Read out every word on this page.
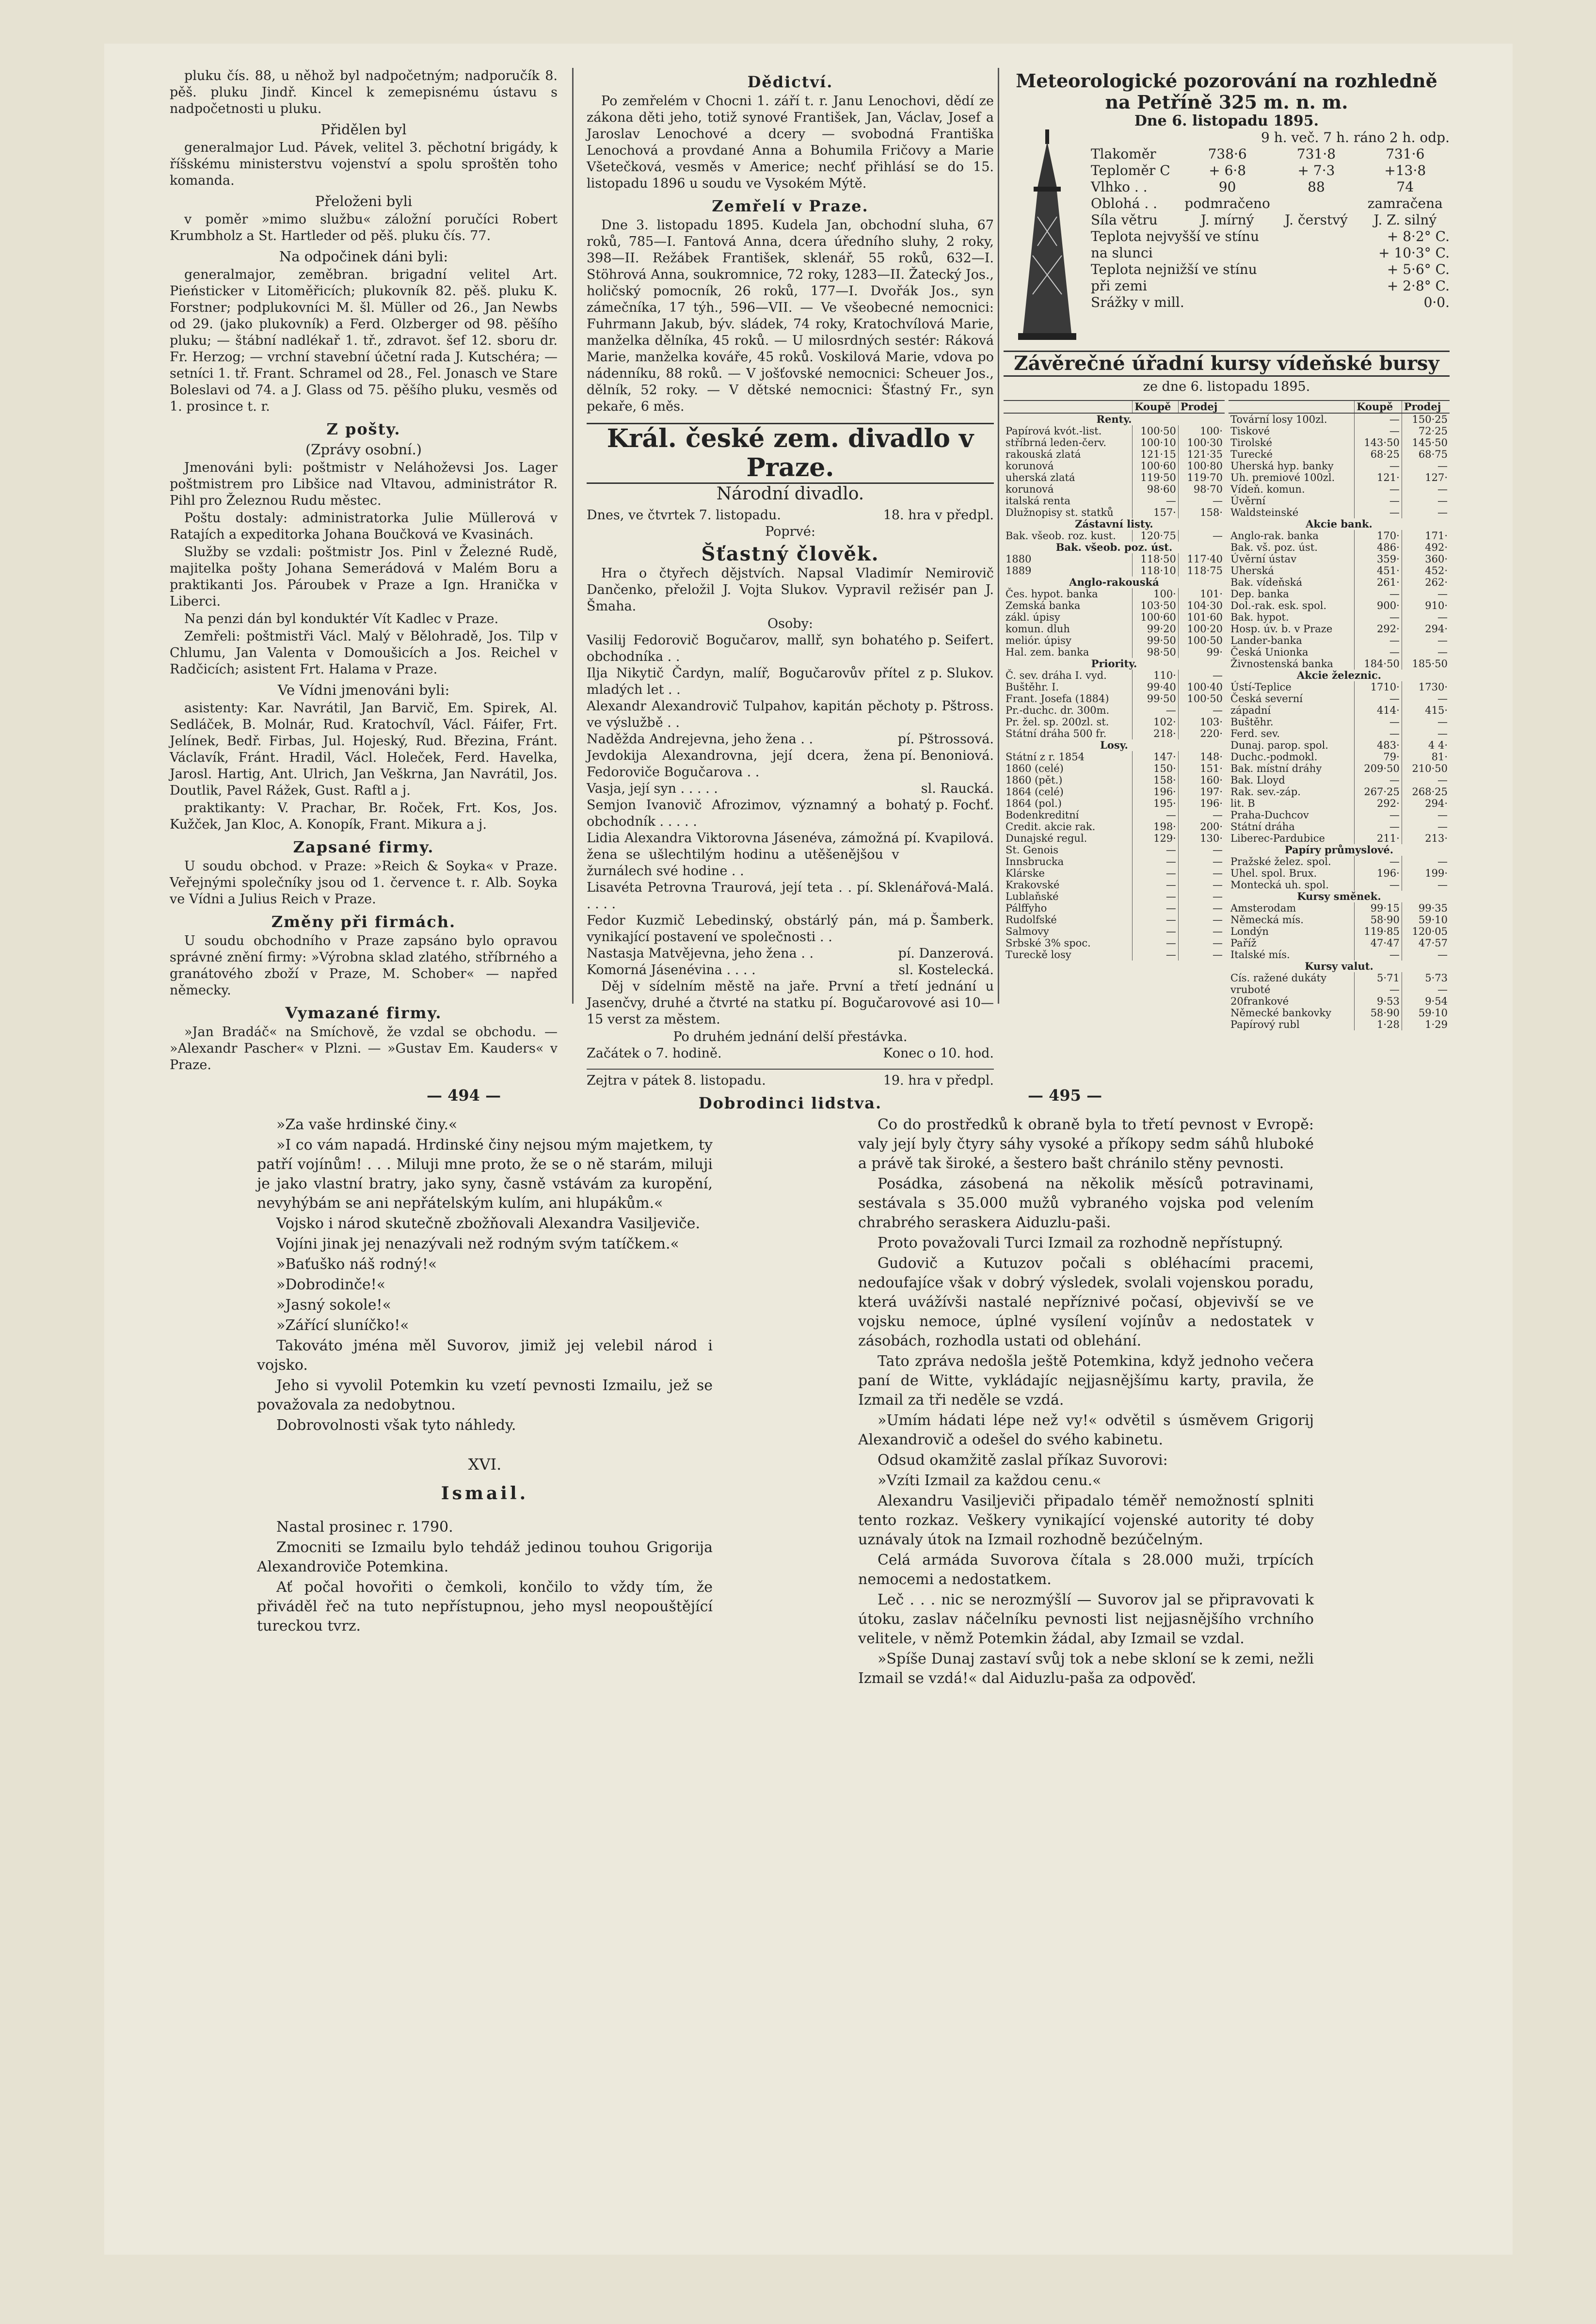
pluku čís. 88, u něhož byl nadpočetným; nadporučík 8. pěš. pluku Jindř. Kincel k zemepisnému ústavu s nadpočetnosti u pluku.

Přidělen byl

generalmajor Lud. Pávek, velitel 3. pěchotní brigády, k říšskému ministerstvu vojenství a spolu sproštěn toho komanda.

Přeloženi byli

v poměr »mimo službu« záložní poručíci Robert Krumbholz a St. Hartleder od pěš. pluku čís. 77.

Na odpočinek dáni byli:

generalmajor, zeměbran. brigadní velitel Art. Pieństicker v Litoměřicích; plukovník 82. pěš. pluku K. Forstner; podplukovníci M. šl. Müller od 26., Jan Newbs od 29. (jako plukovník) a Ferd. Olzberger od 98. pěšího pluku; — štábní nadlékař 1. tř., zdravot. šef 12. sboru dr. Fr. Herzog; — vrchní stavební účetní rada J. Kutschéra; — setníci 1. tř. Frant. Schramel od 28., Fel. Jonasch ve Stare Boleslavi od 74. a J. Glass od 75. pěšího pluku, vesměs od 1. prosince t. r.

Z pošty.
(Zprávy osobní.)

Jmenováni byli: poštmistr v Neláhoževsi Jos. Lager poštmistrem pro Libšice nad Vltavou, administrátor R. Pihl pro Železnou Rudu městec.

Poštu dostaly: administratorka Julie Müllerová v Ratajích a expeditorka Johana Boučková ve Kvasinách.

Služby se vzdali: poštmistr Jos. Pinl v Železné Rudě, majitelka pošty Johana Semerádová v Malém Boru a praktikanti Jos. Pároubek v Praze a Ign. Hranička v Liberci.

Na penzi dán byl konduktér Vít Kadlec v Praze.

Zemřeli: poštmistři Václ. Malý v Bělohradě, Jos. Tilp v Chlumu, Jan Valenta v Domoušicích a Jos. Reichel v Radčicích; asistent Frt. Halama v Praze.

Ve Vídni jmenováni byli:

asistenty: Kar. Navrátil, Jan Barvič, Em. Spirek, Al. Sedláček, B. Molnár, Rud. Kratochvíl, Václ. Fáifer, Frt. Jelínek, Bedř. Firbas, Jul. Hojeský, Rud. Březina, Fránt. Václavík, Fránt. Hradil, Václ. Holeček, Ferd. Havelka, Jarosl. Hartig, Ant. Ulrich, Jan Veškrna, Jan Navrátil, Jos. Doutlik, Pavel Rážek, Gust. Raftl a j.

praktikanty: V. Prachar, Br. Roček, Frt. Kos, Jos. Kužček, Jan Kloc, A. Konopík, Frant. Mikura a j.

Zapsané firmy.

U soudu obchod. v Praze: »Reich & Soyka« v Praze. Veřejnými společníky jsou od 1. července t. r. Alb. Soyka ve Vídni a Julius Reich v Praze.

Změny při firmách.

U soudu obchodního v Praze zapsáno bylo opravou správné znění firmy: »Výrobna sklad zlatého, stříbrného a granátového zboží v Praze, M. Schober« — napřed německy.

Vymazané firmy.

»Jan Bradáč« na Smíchově, že vzdal se obchodu. — »Alexandr Pascher« v Plzni. — »Gustav Em. Kauders« v Praze.

Dědictví.

Po zemřelém v Chocni 1. září t. r. Janu Lenochovi, dědí ze zákona děti jeho, totiž synové František, Jan, Václav, Josef a Jaroslav Lenochové a dcery — svobodná Františka Lenochová a provdané Anna a Bohumila Fričovy a Marie Všetečková, vesměs v Americe; nechť přihlásí se do 15. listopadu 1896 u soudu ve Vysokém Mýtě.

Zemřelí v Praze.

Dne 3. listopadu 1895. Kudela Jan, obchodní sluha, 67 roků, 785—I. Fantová Anna, dcera úředního sluhy, 2 roky, 398—II. Režábek František, sklenář, 55 roků, 632—I. Stöhrová Anna, soukromnice, 72 roky, 1283—II. Žatecký Jos., holičský pomocník, 26 roků, 177—I. Dvořák Jos., syn zámečníka, 17 týh., 596—VII. — Ve všeobecné nemocnici: Fuhrmann Jakub, býv. sládek, 74 roky, Kratochvílová Marie, manželka dělníka, 45 roků. — U milosrdných sestér: Ráková Marie, manželka kováře, 45 roků. Voskilová Marie, vdova po nádenníku, 88 roků. — V jošťovské nemocnici: Scheuer Jos., dělník, 52 roky. — V dětské nemocnici: Šťastný Fr., syn pekaře, 6 měs.

Král. české zem. divadlo v Praze.
Národní divadlo.
Dnes, ve čtvrtek 7. listopadu.	18. hra v předpl.
Poprvé:
Šťastný člověk.

Hra o čtyřech dějstvích. Napsal Vladimír Nemirovič Dančenko, přeložil J. Vojta Slukov. Vypravil režisér pan J. Šmaha.

Osoby:
Vasilij Fedorovič Bogučarov, mallř, syn bohatého obchodníka . .
p. Seifert.
Ilja Nikytič Čardyn, malíř, Bogučarovův přítel z mladých let . .
p. Slukov.
Alexandr Alexandrovič Tulpahov, kapitán pěchoty ve výslužbě . .
p. Pštross.
Naděžda Andrejevna, jeho žena . .	pí. Pštrossová.
Jevdokija Alexandrovna, její dcera, žena Fedoroviče Bogučarova . .
pí. Benoniová.
Vasja, její syn . . . . .	sl. Raucká.
Semjon Ivanovič Afrozimov, významný a bohatý obchodník . . . . .
p. Fochť.
Lidia Alexandra Viktorovna Jásenéva, zámožná žena se ušlechtilým hodinu a utěšenějšou v žurnálech své hodine . .
pí. Kvapilová.
Lisavéta Petrovna Traurová, její teta . . . . . .
pí. Sklenářová-Malá.
Fedor Kuzmič Lebedinský, obstárlý pán, má vynikající postavení ve společnosti . .
p. Šamberk.
Nastasja Matvějevna, jeho žena . .	pí. Danzerová.
Komorná Jásenévina . . . .	sl. Kostelecká.

Děj v sídelním městě na jaře. První a třetí jednání u Jasenčvy, druhé a čtvrté na statku pí. Bogučarovové asi 10—15 verst za městem.

Po druhém jednání delší přestávka.
Začátek o 7. hodině.	Konec o 10. hod.
Zejtra v pátek 8. listopadu.	19. hra v předpl.
Dobrodinci lidstva.
Meteorologické pozorování na rozhledně na Petříně 325 m. n. m.
Dne 6. listopadu 1895.
9 h. več. 7 h. ráno 2 h. odp.
Tlakoměr	738·6	731·8	731·6
Teploměr C	+ 6·8	+ 7·3	+13·8
Vlhko . .	90	88	74
Oblohá . .	podmračeno	zamračena
Síla větru	J. mírný	J. čerstvý	J. Z. silný
Teplota nejvyšší ve stínu	+ 8·2° C.
na slunci	+ 10·3° C.
Teplota nejnižší ve stínu	+ 5·6° C.
při zemi	+ 2·8° C.
Srážky v mill.	0·0.
Závěrečné úřadní kursy vídeňské bursy
ze dne 6. listopadu 1895.
	Koupě	Prodej
Renty.		
Papírová kvót.-list.	100·50	100·
stříbrná leden-červ.	100·10	100·30
rakouská zlatá	121·15	121·35
korunová	100·60	100·80
uherská zlatá	119·50	119·70
korunová	98·60	98·70
italská renta	—	—
Dlužnopisy st. statků	157·	158·
Zástavní listy.		
Bak. všeob. roz. kust.	120·75	—
Bak. všeob. poz. úst.		
1880	118·50	117·40
1889	118·10	118·75
Anglo-rakouská		
Čes. hypot. banka	100·	101·
Zemská banka	103·50	104·30
zákl. úpisy	100·60	101·60
komun. dluh	99·20	100·20
meliór. úpisy	99·50	100·50
Hal. zem. banka	98·50	99·
Priority.		
Č. sev. dráha I. vyd.	110·	—
Buštěhr. I.	99·40	100·40
Frant. Josefa (1884)	99·50	100·50
Pr.-duchc. dr. 300m.	—	—
Pr. žel. sp. 200zl. st.	102·	103·
Státní dráha 500 fr.	218·	220·
Losy.		
Státní z r. 1854	147·	148·
1860 (celé)	150·	151·
1860 (pět.)	158·	160·
1864 (celé)	196·	197·
1864 (pol.)	195·	196·
Bodenkreditní	—	—
Credit. akcie rak.	198·	200·
Dunajské regul.	129·	130·
St. Genois	—	—
Innsbrucka	—	—
Klárske	—	—
Krakovské	—	—
Lublaňské	—	—
Pálffyho	—	—
Rudolfské	—	—
Salmovy	—	—
Srbské 3% spoc.	—	—
Tureckě losy	—	—
	Koupě	Prodej
Tovární losy 100zl.	—	150·25
Tiskové	—	72·25
Tirolské	143·50	145·50
Turecké	68·25	68·75
Uherská hyp. banky	—	—
Uh. premiové 100zl.	121·	127·
Vídeň. komun.	—	—
Úvěrní	—	—
Waldsteinské	—	—
Akcie bank.		
Anglo-rak. banka	170·	171·
Bak. vš. poz. úst.	486·	492·
Úvěrní ústav	359·	360·
Uherská	451·	452·
Bak. vídeňská	261·	262·
Dep. banka	—	—
Dol.-rak. esk. spol.	900·	910·
Bak. hypot.	—	—
Hosp. úv. b. v Praze	292·	294·
Lander-banka	—	—
Česká Unionka	—	—
Živnostenská banka	184·50	185·50
Akcie železnic.		
Ústí-Teplice	1710·	1730·
Česká severní	—	—
západní	414·	415·
Buštěhr.	—	—
Ferd. sev.	—	—
Dunaj. parop. spol.	483·	4 4·
Duchc.-podmokl.	79·	81·
Bak. místní dráhy	209·50	210·50
Bak. Lloyd	—	—
Rak. sev.-záp.	267·25	268·25
lit. B	292·	294·
Praha-Duchcov	—	—
Státní dráha	—	—
Liberec-Pardubice	211·	213·
Papíry průmyslové.		
Pražské želez. spol.	—	—
Uhel. spol. Brux.	196·	199·
Montecká uh. spol.	—	—
Kursy směnek.		
Amsterodam	99·15	99·35
Německá mís.	58·90	59·10
Londýn	119·85	120·05
Paříž	47·47	47·57
Italské mís.	—	—
Kursy valut.		
Cís. ražené dukáty	5·71	5·73
vruboté	—	—
20frankové	9·53	9·54
Německé bankovky	58·90	59·10
Papírový rubl	1·28	1·29
— 494 —	— 495 —

»Za vaše hrdinské činy.«

»I co vám napadá. Hrdinské činy nejsou mým majetkem, ty patří vojínům! . . . Miluji mne proto, že se o ně starám, miluji je jako vlastní bratry, jako syny, časně vstávám za kuropění, nevyhýbám se ani nepřátelským kulím, ani hlupákům.«

Vojsko i národ skutečně zbožňovali Alexandra Vasiljeviče.

Vojíni jinak jej nenazývali než rodným svým tatíčkem.«

»Baťuško náš rodný!«

»Dobrodinče!«

»Jasný sokole!«

»Zářící sluníčko!«

Takováto jména měl Suvorov, jimiž jej velebil národ i vojsko.

Jeho si vyvolil Potemkin ku vzetí pevnosti Izmailu, jež se považovala za nedobytnou.

Dobrovolnosti však tyto náhledy.

XVI.
Ismail.

Nastal prosinec r. 1790.

Zmocniti se Izmailu bylo tehdáž jedinou touhou Grigorija Alexandroviče Potemkina.

Ať počal hovořiti o čemkoli, končilo to vždy tím, že přiváděl řeč na tuto nepřístupnou, jeho mysl neopouštějící tureckou tvrz.

Co do prostředků k obraně byla to třetí pevnost v Evropě: valy její byly čtyry sáhy vysoké a příkopy sedm sáhů hluboké a právě tak široké, a šestero bašt chránilo stěny pevnosti.

Posádka, zásobená na několik měsíců potravinami, sestávala s 35.000 mužů vybraného vojska pod velením chrabrého seraskera Aiduzlu-paši.

Proto považovali Turci Izmail za rozhodně nepřístupný.

Gudovič a Kutuzov počali s obléhacími pracemi, nedoufajíce však v dobrý výsledek, svolali vojenskou poradu, která uvážívši nastalé nepříznivé počasí, objevivší se ve vojsku nemoce, úplné vysílení vojínův a nedostatek v zásobách, rozhodla ustati od oblehání.

Tato zpráva nedošla ještě Potemkina, když jednoho večera paní de Witte, vykládajíc nejjasnějšímu karty, pravila, že Izmail za tři neděle se vzdá.

»Umím hádati lépe než vy!« odvětil s úsměvem Grigorij Alexandrovič a odešel do svého kabinetu.

Odsud okamžitě zaslal příkaz Suvorovi:

»Vzíti Izmail za každou cenu.«

Alexandru Vasiljeviči připadalo téměř nemožností splniti tento rozkaz. Veškery vynikající vojenské autority té doby uznávaly útok na Izmail rozhodně bezúčelným.

Celá armáda Suvorova čítala s 28.000 muži, trpících nemocemi a nedostatkem.

Leč . . . nic se nerozmýšlí — Suvorov jal se připravovati k útoku, zaslav náčelníku pevnosti list nejjasnějšího vrchního velitele, v němž Potemkin žádal, aby Izmail se vzdal.

»Spíše Dunaj zastaví svůj tok a nebe skloní se k zemi, nežli Izmail se vzdá!« dal Aiduzlu-paša za odpověď.
